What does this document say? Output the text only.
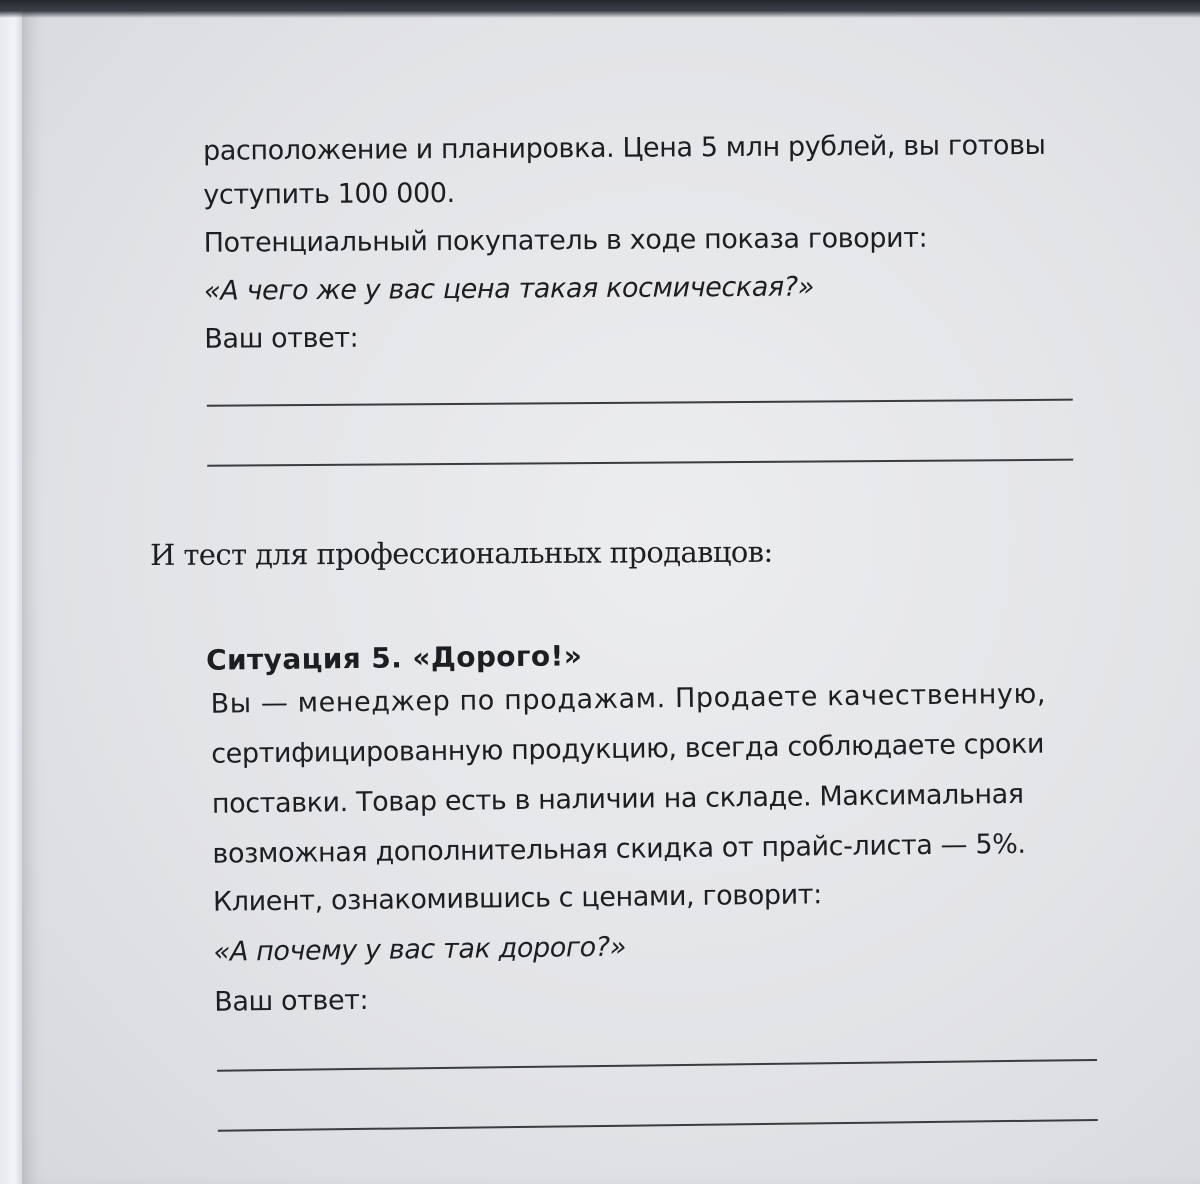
расположение и планировка. Цена 5 млн рублей, вы готовы
уступить 100 000.
Потенциальный покупатель в ходе показа говорит:
«А чего же у вас цена такая космическая?»
Ваш ответ:
И тест для профессиональных продавцов:
Ситуация 5. «Дорого!»
Вы — менеджер по продажам. Продаете качественную,
сертифицированную продукцию, всегда соблюдаете сроки
поставки. Товар есть в наличии на складе. Максимальная
возможная дополнительная скидка от прайс-листа — 5%.
Клиент, ознакомившись с ценами, говорит:
«А почему у вас так дорого?»
Ваш ответ:
